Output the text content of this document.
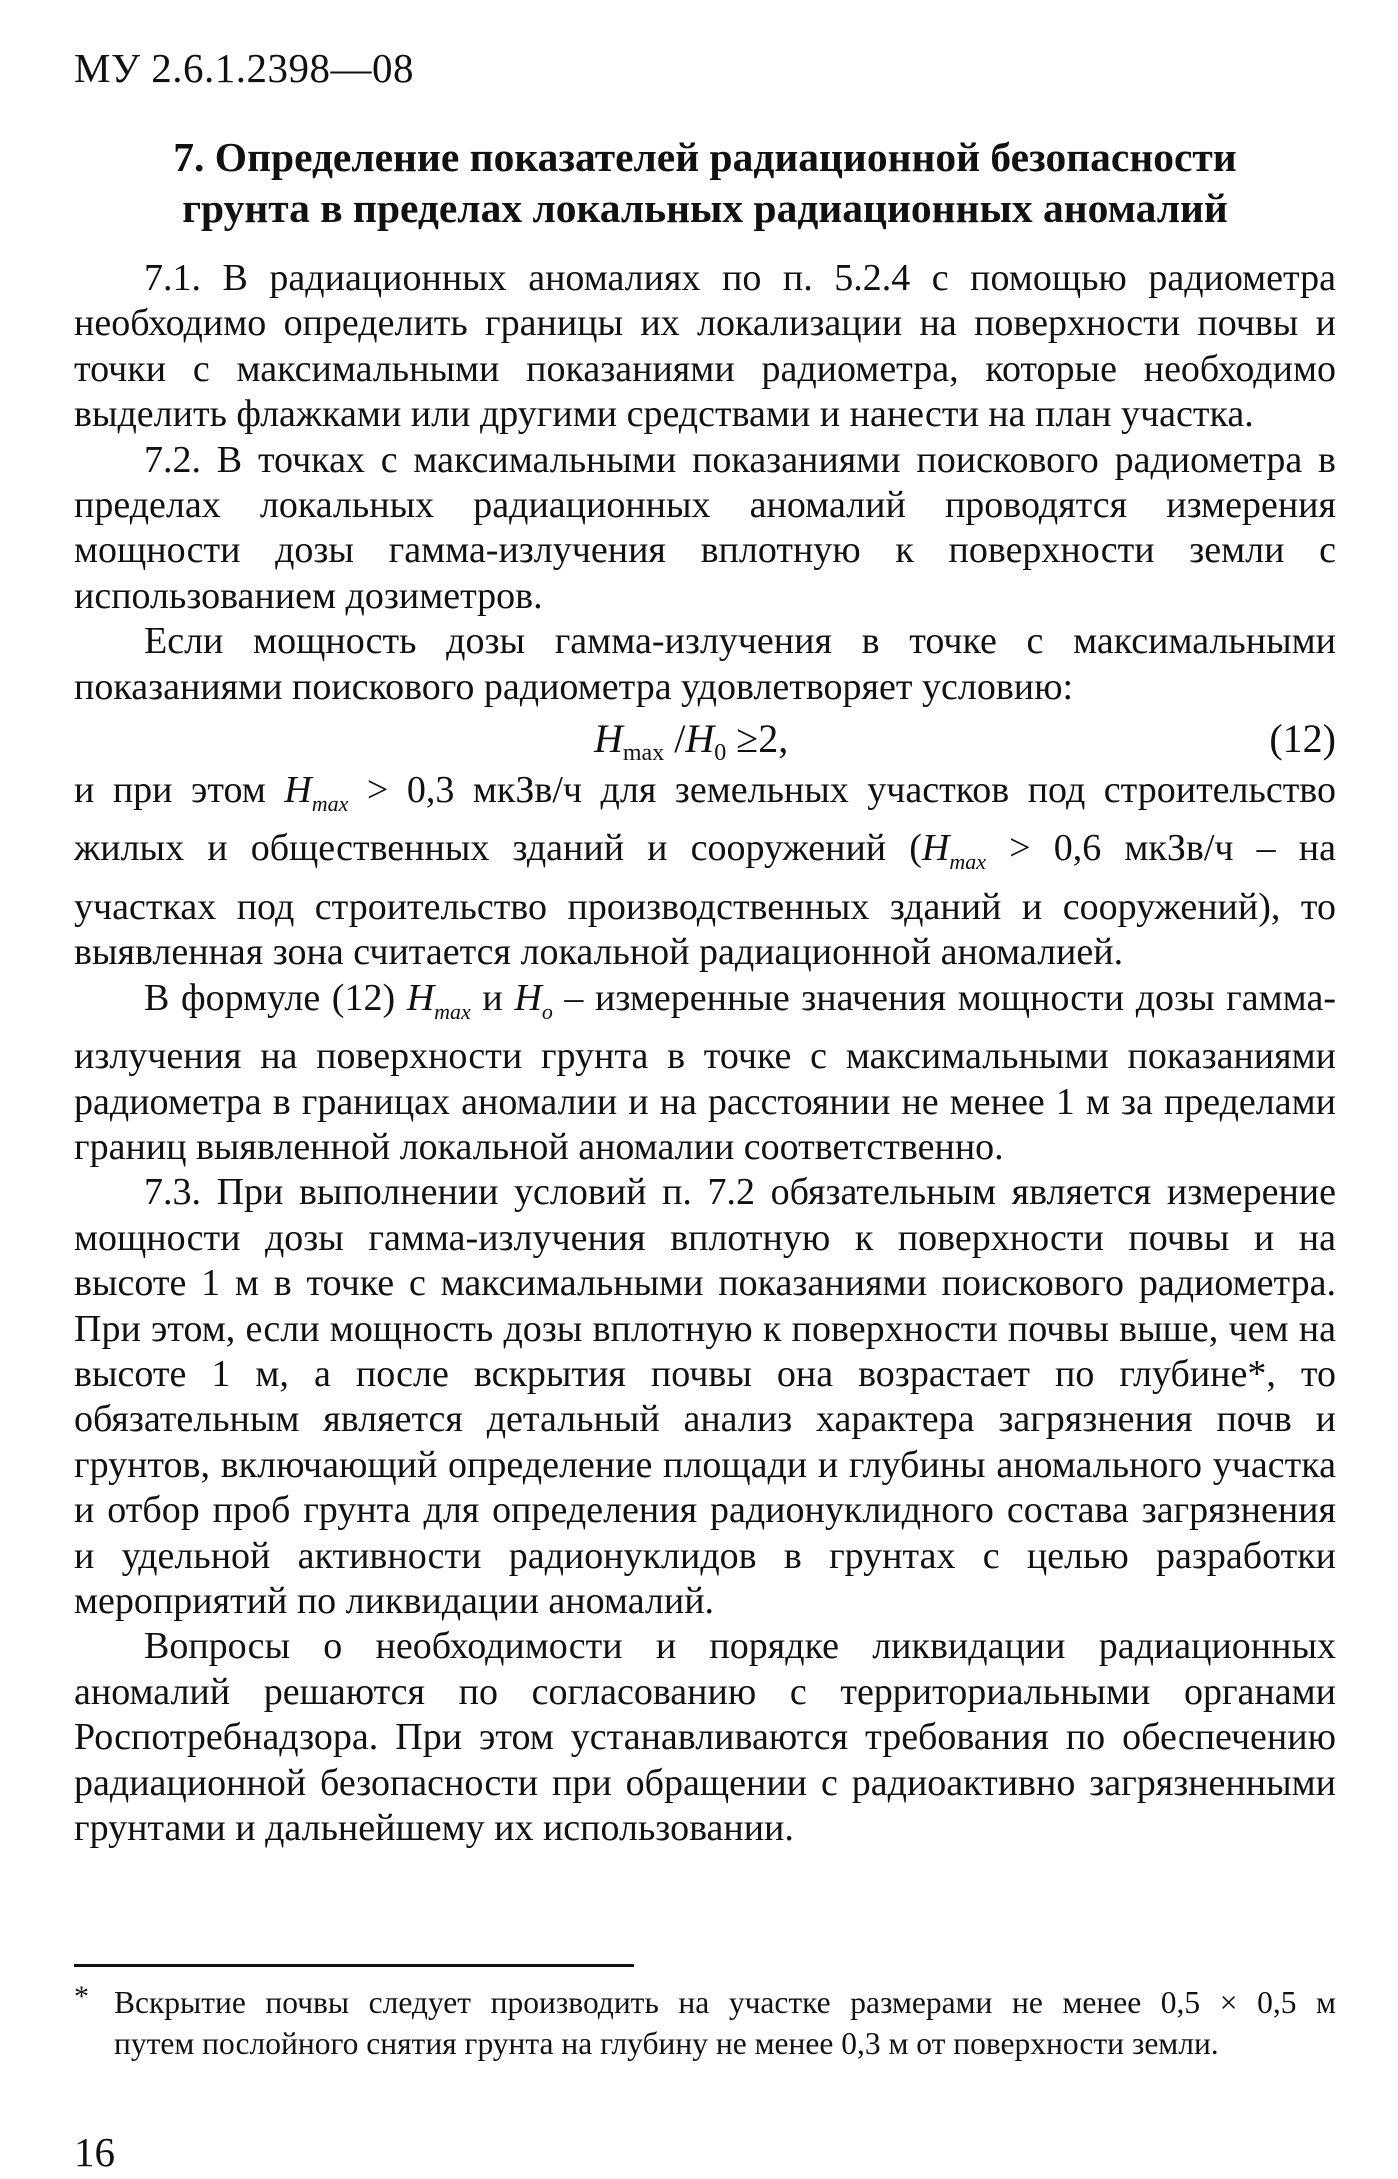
МУ 2.6.1.2398—08
7. Определение показателей радиационной безопасности
грунта в пределах локальных радиационных аномалий

7.1. В радиационных аномалиях по п. 5.2.4 с помощью радиометра необходимо определить границы их локализации на поверхности почвы и точки с максимальными показаниями радиометра, которые необходимо выделить флажками или другими средствами и нанести на план участка.

7.2. В точках с максимальными показаниями поискового радиометра в пределах локальных радиационных аномалий проводятся измерения мощности дозы гамма-излучения вплотную к поверхности земли с использованием дозиметров.

Если мощность дозы гамма-излучения в точке с максимальными показаниями поискового радиометра удовлетворяет условию:

$H_{max}$ $/H_0 \ge 2$,	(12)

и при этом $H_{max} > 0,3$ мкЗв/ч для земельных участков под строительство жилых и общественных зданий и сооружений ($H_{max} > 0,6$ мкЗв/ч – на участках под строительство производственных зданий и сооружений), то выявленная зона считается локальной радиационной аномалией.

В формуле (12) $H_{max}$ и $H_o$ – измеренные значения мощности дозы гамма-излучения на поверхности грунта в точке с максимальными показаниями радиометра в границах аномалии и на расстоянии не менее 1 м за пределами границ выявленной локальной аномалии соответственно.

7.3. При выполнении условий п. 7.2 обязательным является измерение мощности дозы гамма-излучения вплотную к поверхности почвы и на высоте 1 м в точке с максимальными показаниями поискового радиометра. При этом, если мощность дозы вплотную к поверхности почвы выше, чем на высоте 1 м, а после вскрытия почвы она возрастает по глубине*, то обязательным является детальный анализ характера загрязнения почв и грунтов, включающий определение площади и глубины аномального участка и отбор проб грунта для определения радионуклидного состава загрязнения и удельной активности радионуклидов в грунтах с целью разработки мероприятий по ликвидации аномалий.

Вопросы о необходимости и порядке ликвидации радиационных аномалий решаются по согласованию с территориальными органами Роспотребнадзора. При этом устанавливаются требования по обеспечению радиационной безопасности при обращении с радиоактивно загрязненными грунтами и дальнейшему их использовании.

* Вскрытие почвы следует производить на участке размерами не менее 0,5 × 0,5 м
путем послойного снятия грунта на глубину не менее 0,3 м от поверхности земли.
16
